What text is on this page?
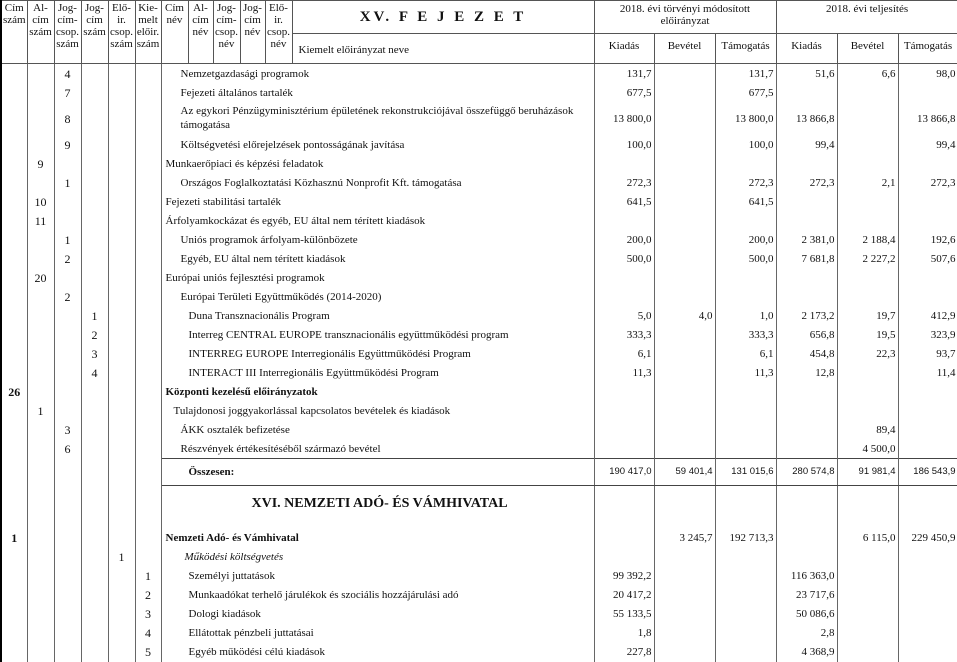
Cím szám	Al-cím szám	Jog-cím-csop. szám	Jog-cím szám	Elő-ir. csop. szám	Kie-melt előir. szám	Cím név	Al-cím név	Jog-cím-csop. név	Jog-cím név	Elő-ir. csop. név	XV. F E J E Z E T	2018. évi törvényi módosított előirányzat			2018. évi teljesítés		
											Kiemelt előirányzat neve	Kiadás	Bevétel	Támogatás	Kiadás	Bevétel	Támogatás
		4				Nemzetgazdasági programok						131,7		131,7	51,6	6,6	98,0
		7				Fejezeti általános tartalék						677,5		677,5			
		8				Az egykori Pénzügyminisztérium épületének rekonstrukciójával összefüggő beruházások támogatása						13 800,0		13 800,0	13 866,8		13 866,8
		9				Költségvetési előrejelzések pontosságának javítása						100,0		100,0	99,4		99,4
	9					Munkaerőpiaci és képzési feladatok											
		1				Országos Foglalkoztatási Közhasznú Nonprofit Kft. támogatása						272,3		272,3	272,3	2,1	272,3
	10					Fejezeti stabilitási tartalék						641,5		641,5			
	11					Árfolyamkockázat és egyéb, EU által nem térített kiadások											
		1				Uniós programok árfolyam-különbözete						200,0		200,0	2 381,0	2 188,4	192,6
		2				Egyéb, EU által nem térített kiadások						500,0		500,0	7 681,8	2 227,2	507,6
	20					Európai uniós fejlesztési programok											
		2				Európai Területi Együttműködés (2014-2020)											
			1			Duna Transznacionális Program						5,0	4,0	1,0	2 173,2	19,7	412,9
			2			Interreg CENTRAL EUROPE transznacionális együttműködési program						333,3		333,3	656,8	19,5	323,9
			3			INTERREG EUROPE Interregionális Együttműködési Program						6,1		6,1	454,8	22,3	93,7
			4			INTERACT III Interregionális Együttműködési Program						11,3		11,3	12,8		11,4
26						Központi kezelésű előirányzatok											
	1					Tulajdonosi joggyakorlással kapcsolatos bevételek és kiadások											
		3				ÁKK osztalék befizetése										89,4	
		6				Részvények értékesítéséből származó bevétel										4 500,0	
						Összesen:						190 417,0	59 401,4	131 015,6	280 574,8	91 981,4	186 543,9
						XVI. NEMZETI ADÓ- ÉS VÁMHIVATAL											
1						Nemzeti Adó- és Vámhivatal							3 245,7	192 713,3		6 115,0	229 450,9
				1		Működési költségvetés											
					1	Személyi juttatások						99 392,2			116 363,0		
					2	Munkaadókat terhelő járulékok és szociális hozzájárulási adó						20 417,2			23 717,6		
					3	Dologi kiadások						55 133,5			50 086,6		
					4	Ellátottak pénzbeli juttatásai						1,8			2,8		
					5	Egyéb működési célú kiadások						227,8			4 368,9		
